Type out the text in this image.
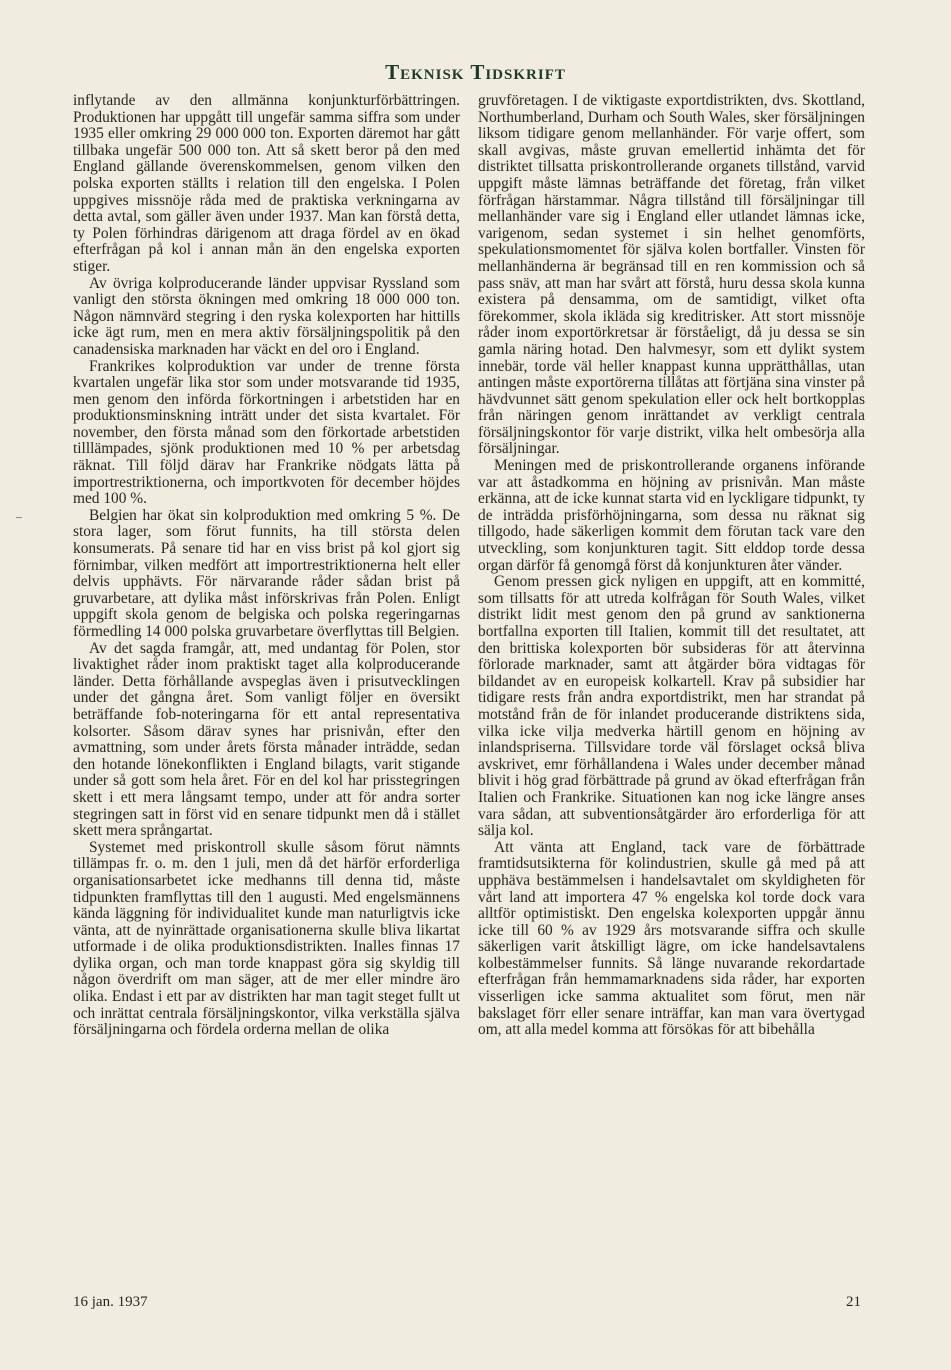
Teknisk Tidskrift

inflytande av den allmänna konjunkturförbättringen. Produktionen har uppgått till ungefär samma siffra som under 1935 eller omkring 29 000 000 ton. Exporten däremot har gått tillbaka ungefär 500 000 ton. Att så skett beror på den med England gällande överenskommelsen, genom vilken den polska exporten ställts i relation till den engelska. I Polen uppgives missnöje råda med de praktiska verkningarna av detta avtal, som gäller även under 1937. Man kan förstå detta, ty Polen förhindras därigenom att draga fördel av en ökad efterfrågan på kol i annan mån än den engelska exporten stiger.

Av övriga kolproducerande länder uppvisar Ryssland som vanligt den största ökningen med omkring 18 000 000 ton. Någon nämnvärd stegring i den ryska kolexporten har hittills icke ägt rum, men en mera aktiv försäljningspolitik på den canadensiska marknaden har väckt en del oro i England.

Frankrikes kolproduktion var under de trenne första kvartalen ungefär lika stor som under motsvarande tid 1935, men genom den införda förkortningen i arbetstiden har en produktionsminskning inträtt under det sista kvartalet. För november, den första månad som den förkortade arbetstiden tilllämpades, sjönk produktionen med 10 % per arbetsdag räknat. Till följd därav har Frankrike nödgats lätta på importrestriktionerna, och importkvoten för december höjdes med 100 %.

Belgien har ökat sin kolproduktion med omkring 5 %. De stora lager, som förut funnits, ha till största delen konsumerats. På senare tid har en viss brist på kol gjort sig förnimbar, vilken medfört att importrestriktionerna helt eller delvis upphävts. För närvarande råder sådan brist på gruvarbetare, att dylika måst införskrivas från Polen. Enligt uppgift skola genom de belgiska och polska regeringarnas förmedling 14 000 polska gruvarbetare överflyttas till Belgien.

Av det sagda framgår, att, med undantag för Polen, stor livaktighet råder inom praktiskt taget alla kolproducerande länder. Detta förhållande avspeglas även i prisutvecklingen under det gångna året. Som vanligt följer en översikt beträffande fob-noteringarna för ett antal representativa kolsorter. Såsom därav synes har prisnivån, efter den avmattning, som under årets första månader inträdde, sedan den hotande lönekonflikten i England bilagts, varit stigande under så gott som hela året. För en del kol har prisstegringen skett i ett mera långsamt tempo, under att för andra sorter stegringen satt in först vid en senare tidpunkt men då i stället skett mera språngartat.

Systemet med priskontroll skulle såsom förut nämnts tillämpas fr. o. m. den 1 juli, men då det härför erforderliga organisationsarbetet icke medhanns till denna tid, måste tidpunkten framflyttas till den 1 augusti. Med engelsmännens kända läggning för individualitet kunde man naturligtvis icke vänta, att de nyinrättade organisationerna skulle bliva likartat utformade i de olika produktionsdistrikten. Inalles finnas 17 dylika organ, och man torde knappast göra sig skyldig till någon överdrift om man säger, att de mer eller mindre äro olika. Endast i ett par av distrikten har man tagit steget fullt ut och inrättat centrala försäljningskontor, vilka verkställa själva försäljningarna och fördela orderna mellan de olika

gruvföretagen. I de viktigaste exportdistrikten, dvs. Skottland, Northumberland, Durham och South Wales, sker försäljningen liksom tidigare genom mellanhänder. För varje offert, som skall avgivas, måste gruvan emellertid inhämta det för distriktet tillsatta priskontrollerande organets tillstånd, varvid uppgift måste lämnas beträffande det företag, från vilket förfrågan härstammar. Några tillstånd till försäljningar till mellanhänder vare sig i England eller utlandet lämnas icke, varigenom, sedan systemet i sin helhet genomförts, spekulationsmomentet för själva kolen bortfaller. Vinsten för mellanhänderna är begränsad till en ren kommission och så pass snäv, att man har svårt att förstå, huru dessa skola kunna existera på densamma, om de samtidigt, vilket ofta förekommer, skola ikläda sig kreditrisker. Att stort missnöje råder inom exportörkretsar är förståeligt, då ju dessa se sin gamla näring hotad. Den halvmesyr, som ett dylikt system innebär, torde väl heller knappast kunna upprätthållas, utan antingen måste exportörerna tillåtas att förtjäna sina vinster på hävdvunnet sätt genom spekulation eller ock helt bortkopplas från näringen genom inrättandet av verkligt centrala försäljningskontor för varje distrikt, vilka helt ombesörja alla försäljningar.

Meningen med de priskontrollerande organens införande var att åstadkomma en höjning av prisnivån. Man måste erkänna, att de icke kunnat starta vid en lyckligare tidpunkt, ty de inträdda prisförhöjningarna, som dessa nu räknat sig tillgodo, hade säkerligen kommit dem förutan tack vare den utveckling, som konjunkturen tagit. Sitt elddop torde dessa organ därför få genomgå först då konjunkturen åter vänder.

Genom pressen gick nyligen en uppgift, att en kommitté, som tillsatts för att utreda kolfrågan för South Wales, vilket distrikt lidit mest genom den på grund av sanktionerna bortfallna exporten till Italien, kommit till det resultatet, att den brittiska kolexporten bör subsideras för att återvinna förlorade marknader, samt att åtgärder böra vidtagas för bildandet av en europeisk kolkartell. Krav på subsidier har tidigare rests från andra exportdistrikt, men har strandat på motstånd från de för inlandet producerande distriktens sida, vilka icke vilja medverka härtill genom en höjning av inlandspriserna. Tillsvidare torde väl förslaget också bliva avskrivet, emr förhållandena i Wales under december månad blivit i hög grad förbättrade på grund av ökad efterfrågan från Italien och Frankrike. Situationen kan nog icke längre anses vara sådan, att subventionsåtgärder äro erforderliga för att sälja kol.

Att vänta att England, tack vare de förbättrade framtidsutsikterna för kolindustrien, skulle gå med på att upphäva bestämmelsen i handelsavtalet om skyldigheten för vårt land att importera 47 % engelska kol torde dock vara alltför optimistiskt. Den engelska kolexporten uppgår ännu icke till 60 % av 1929 års motsvarande siffra och skulle säkerligen varit åtskilligt lägre, om icke handelsavtalens kolbestämmelser funnits. Så länge nuvarande rekordartade efterfrågan från hemmamarknadens sida råder, har exporten visserligen icke samma aktualitet som förut, men när bakslaget förr eller senare inträffar, kan man vara övertygad om, att alla medel komma att försökas för att bibehålla

16 jan. 1937	21
